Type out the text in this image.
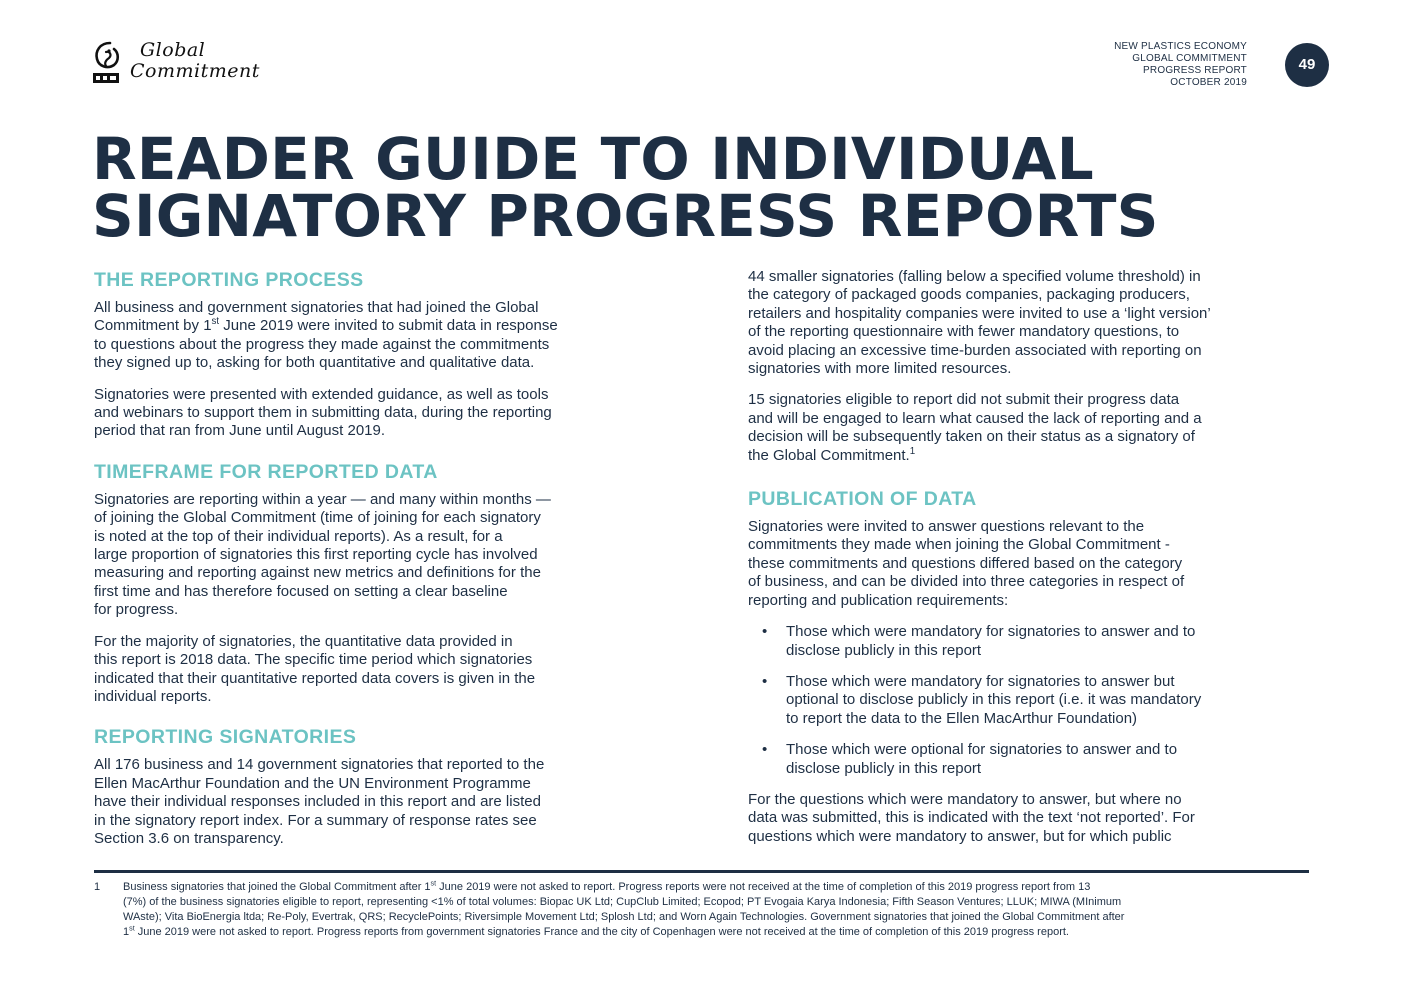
Global
Commitment
NEW PLASTICS ECONOMY
GLOBAL COMMITMENT
PROGRESS REPORT
OCTOBER 2019
49
READER GUIDE TO INDIVIDUAL
SIGNATORY PROGRESS REPORTS
THE REPORTING PROCESS

All business and government signatories that had joined the Global
Commitment by 1st June 2019 were invited to submit data in response
to questions about the progress they made against the commitments
they signed up to, asking for both quantitative and qualitative data.

Signatories were presented with extended guidance, as well as tools
and webinars to support them in submitting data, during the reporting
period that ran from June until August 2019.

TIMEFRAME FOR REPORTED DATA

Signatories are reporting within a year — and many within months —
of joining the Global Commitment (time of joining for each signatory
is noted at the top of their individual reports). As a result, for a
large proportion of signatories this first reporting cycle has involved
measuring and reporting against new metrics and definitions for the
first time and has therefore focused on setting a clear baseline
for progress.

For the majority of signatories, the quantitative data provided in
this report is 2018 data. The specific time period which signatories
indicated that their quantitative reported data covers is given in the
individual reports.

REPORTING SIGNATORIES

All 176 business and 14 government signatories that reported to the
Ellen MacArthur Foundation and the UN Environment Programme
have their individual responses included in this report and are listed
in the signatory report index. For a summary of response rates see
Section 3.6 on transparency.

44 smaller signatories (falling below a specified volume threshold) in
the category of packaged goods companies, packaging producers,
retailers and hospitality companies were invited to use a ‘light version’
of the reporting questionnaire with fewer mandatory questions, to
avoid placing an excessive time-burden associated with reporting on
signatories with more limited resources.

15 signatories eligible to report did not submit their progress data
and will be engaged to learn what caused the lack of reporting and a
decision will be subsequently taken on their status as a signatory of
the Global Commitment.$^1$

PUBLICATION OF DATA

Signatories were invited to answer questions relevant to the
commitments they made when joining the Global Commitment -
these commitments and questions differed based on the category
of business, and can be divided into three categories in respect of
reporting and publication requirements:

• Those which were mandatory for signatories to answer and to
disclose publicly in this report
• Those which were mandatory for signatories to answer but
optional to disclose publicly in this report (i.e. it was mandatory
to report the data to the Ellen MacArthur Foundation)
• Those which were optional for signatories to answer and to
disclose publicly in this report

For the questions which were mandatory to answer, but where no
data was submitted, this is indicated with the text ‘not reported’. For
questions which were mandatory to answer, but for which public

1 Business signatories that joined the Global Commitment after 1st June 2019 were not asked to report. Progress reports were not received at the time of completion of this 2019 progress report from 13
(7%) of the business signatories eligible to report, representing <1% of total volumes: Biopac UK Ltd; CupClub Limited; Ecopod; PT Evogaia Karya Indonesia; Fifth Season Ventures; LLUK; MIWA (MInimum
WAste); Vita BioEnergia ltda; Re-Poly, Evertrak, QRS; RecyclePoints; Riversimple Movement Ltd; Splosh Ltd; and Worn Again Technologies. Government signatories that joined the Global Commitment after
1st June 2019 were not asked to report. Progress reports from government signatories France and the city of Copenhagen were not received at the time of completion of this 2019 progress report.
